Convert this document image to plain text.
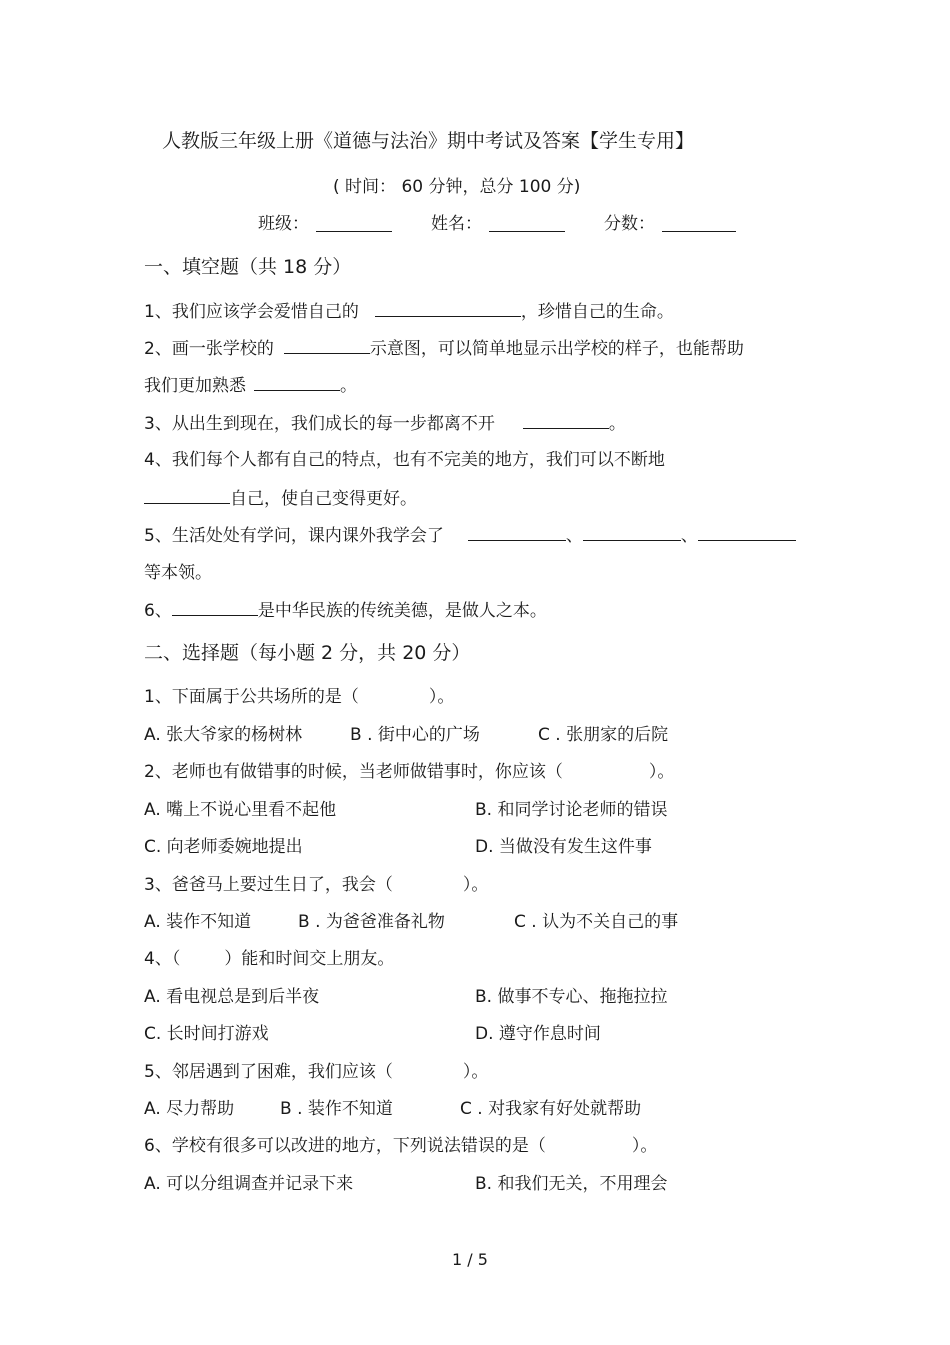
人教版三年级上册《道德与法治》期中考试及答案【学生专用】
( 时间： 60 分钟，总分 100 分)
班级：	姓名：	分数：
一、填空题（共 18 分）
1、我们应该学会爱惜自己的	，珍惜自己的生命。
2、画一张学校的	示意图，可以简单地显示出学校的样子，也能帮助
我们更加熟悉	。
3、从出生到现在，我们成长的每一步都离不开	。
4、我们每个人都有自己的特点，也有不完美的地方，我们可以不断地
自己，使自己变得更好。
5、生活处处有学问，课内课外我学会了	、	、
等本领。
6、	是中华民族的传统美德，是做人之本。
二、选择题（每小题 2 分，共 20 分）
1、下面属于公共场所的是（	）。
A. 张大爷家的杨树林	B . 街中心的广场	C . 张朋家的后院
2、老师也有做错事的时候，当老师做错事时，你应该（	）。
A. 嘴上不说心里看不起他	B. 和同学讨论老师的错误
C. 向老师委婉地提出	D. 当做没有发生这件事
3、爸爸马上要过生日了，我会（	）。
A. 装作不知道	B . 为爸爸准备礼物	C . 认为不关自己的事
4、（	）能和时间交上朋友。
A. 看电视总是到后半夜	B. 做事不专心、拖拖拉拉
C. 长时间打游戏	D. 遵守作息时间
5、邻居遇到了困难，我们应该（	）。
A. 尽力帮助	B . 装作不知道	C . 对我家有好处就帮助
6、学校有很多可以改进的地方，下列说法错误的是（	）。
A. 可以分组调查并记录下来	B. 和我们无关，不用理会
1 / 5
